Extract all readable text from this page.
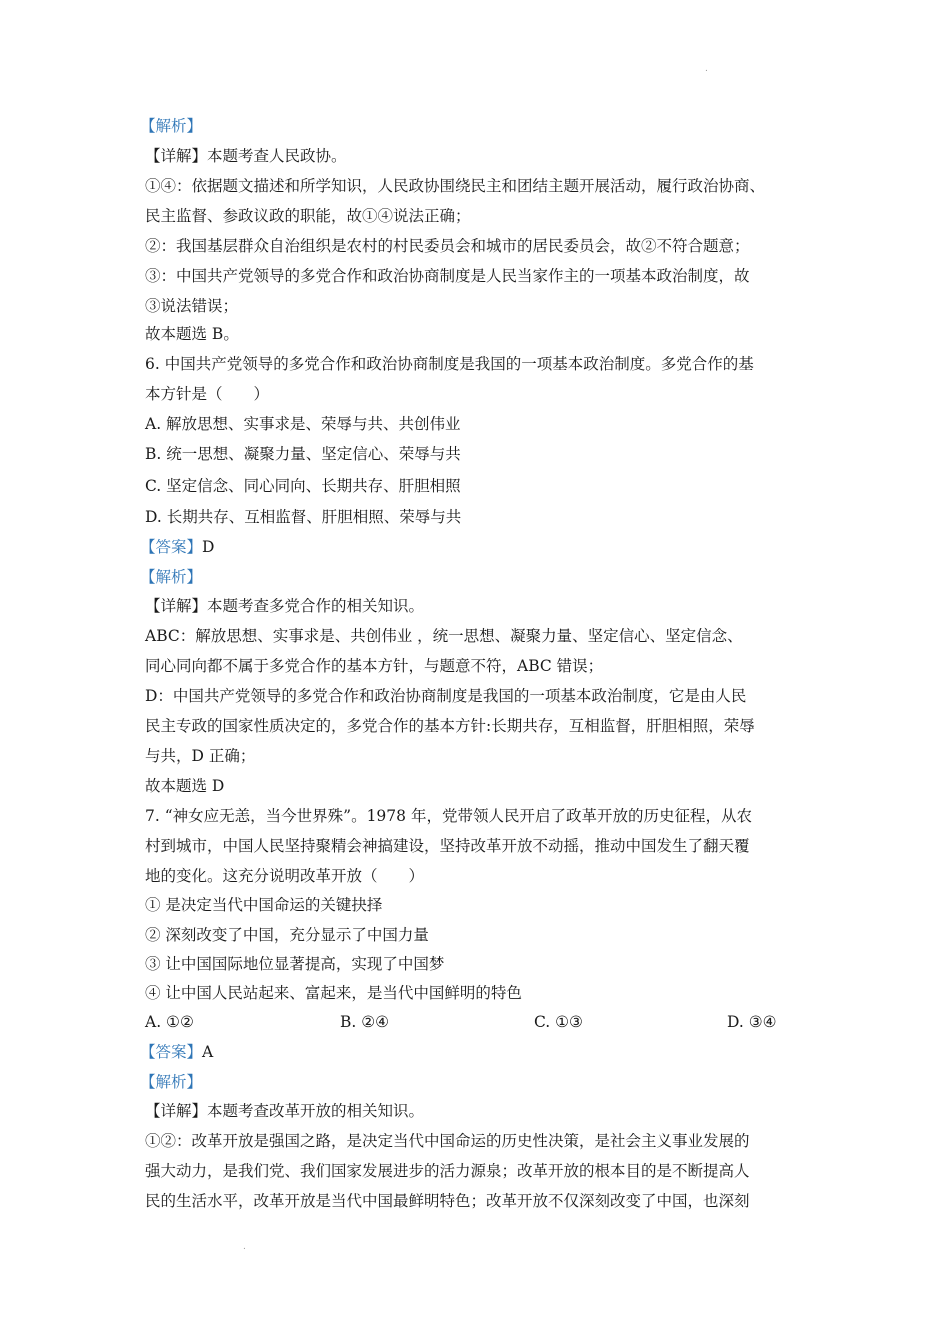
.
【解析】
【详解】本题考查人民政协。
①④：依据题文描述和所学知识，人民政协围绕民主和团结主题开展活动，履行政治协商、
民主监督、参政议政的职能，故①④说法正确；
②：我国基层群众自治组织是农村的村民委员会和城市的居民委员会，故②不符合题意；
③：中国共产党领导的多党合作和政治协商制度是人民当家作主的一项基本政治制度，故
③说法错误；
故本题选 B。
6. 中国共产党领导的多党合作和政治协商制度是我国的一项基本政治制度。多党合作的基
本方针是（　　）
A. 解放思想、实事求是、荣辱与共、共创伟业
B. 统一思想、凝聚力量、坚定信心、荣辱与共
C. 坚定信念、同心同向、长期共存、肝胆相照
D. 长期共存、互相监督、肝胆相照、荣辱与共
【答案】D
【解析】
【详解】本题考查多党合作的相关知识。
ABC：解放思想、实事求是、共创伟业 ，统一思想、凝聚力量、坚定信心、坚定信念、
同心同向都不属于多党合作的基本方针，与题意不符，ABC 错误；
D：中国共产党领导的多党合作和政治协商制度是我国的一项基本政治制度，它是由人民
民主专政的国家性质决定的，多党合作的基本方针:长期共存，互相监督，肝胆相照，荣辱
与共，D 正确；
故本题选 D
7. “神女应无恙，当今世界殊”。1978 年，党带领人民开启了政革开放的历史征程，从农
村到城市，中国人民坚持聚精会神搞建设，坚持改革开放不动摇，推动中国发生了翻天覆
地的变化。这充分说明改革开放（　　）
① 是决定当代中国命运的关键抉择
② 深刻改变了中国，充分显示了中国力量
③ 让中国国际地位显著提高，实现了中国梦
④ 让中国人民站起来、富起来，是当代中国鲜明的特色
A. ①②	B. ②④	C. ①③	D. ③④
【答案】A
【解析】
【详解】本题考查改革开放的相关知识。
①②：改革开放是强国之路，是决定当代中国命运的历史性决策，是社会主义事业发展的
强大动力，是我们党、我们国家发展进步的活力源泉；改革开放的根本目的是不断提高人
民的生活水平，改革开放是当代中国最鲜明特色；改革开放不仅深刻改变了中国，也深刻
.
